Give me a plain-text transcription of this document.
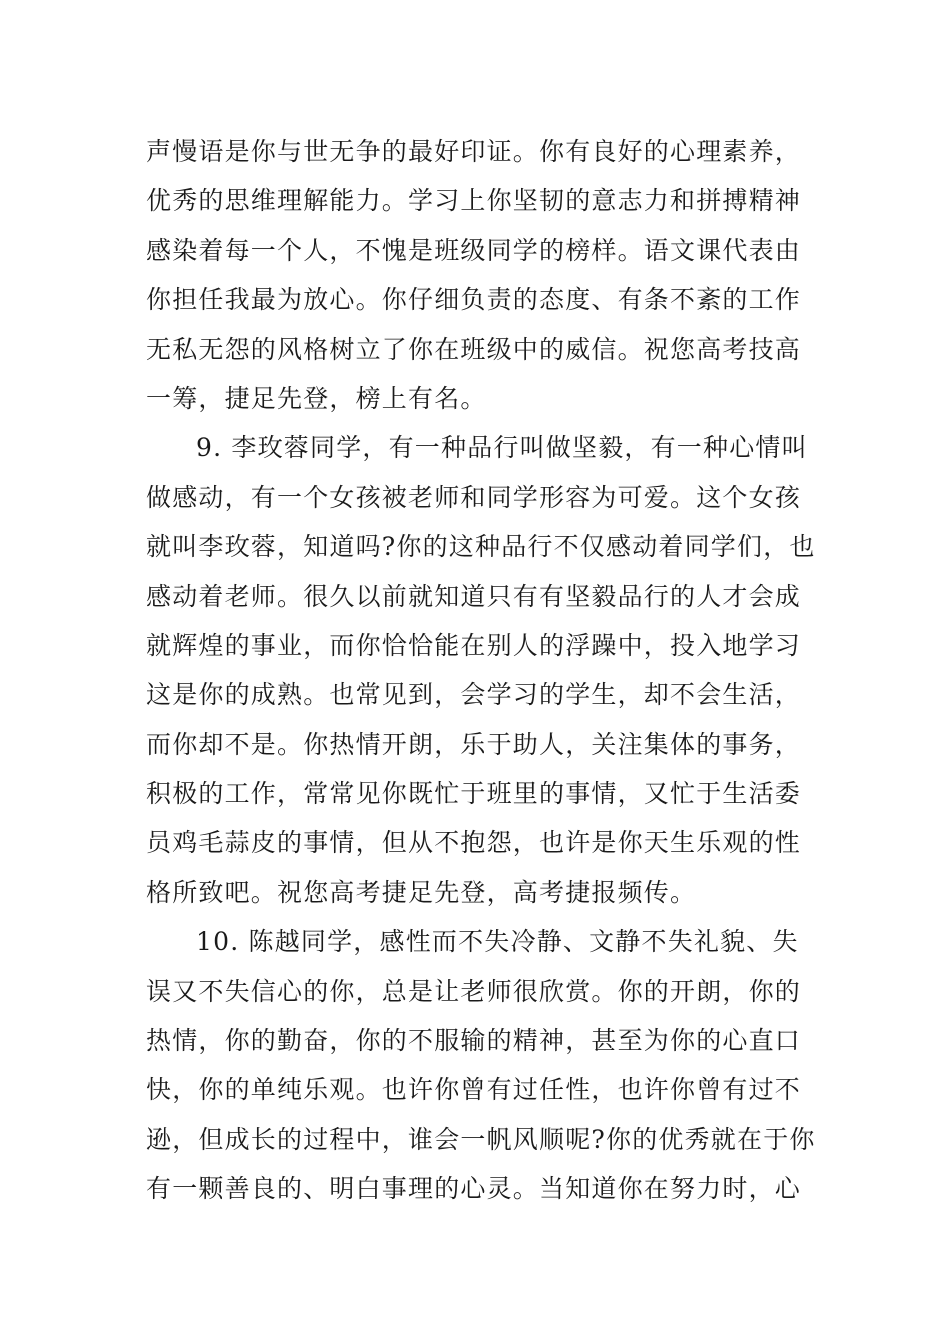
声慢语是你与世无争的最好印证。你有良好的心理素养，
优秀的思维理解能力。学习上你坚韧的意志力和拼搏精神
感染着每一个人，不愧是班级同学的榜样。语文课代表由
你担任我最为放心。你仔细负责的态度、有条不紊的工作
无私无怨的风格树立了你在班级中的威信。祝您高考技高
一筹，捷足先登，榜上有名。
9. 李玫蓉同学，有一种品行叫做坚毅，有一种心情叫
做感动，有一个女孩被老师和同学形容为可爱。这个女孩
就叫李玫蓉，知道吗?你的这种品行不仅感动着同学们，也
感动着老师。很久以前就知道只有有坚毅品行的人才会成
就辉煌的事业，而你恰恰能在别人的浮躁中，投入地学习
这是你的成熟。也常见到，会学习的学生，却不会生活，
而你却不是。你热情开朗，乐于助人，关注集体的事务，
积极的工作，常常见你既忙于班里的事情，又忙于生活委
员鸡毛蒜皮的事情，但从不抱怨，也许是你天生乐观的性
格所致吧。祝您高考捷足先登，高考捷报频传。
10. 陈越同学，感性而不失冷静、文静不失礼貌、失
误又不失信心的你，总是让老师很欣赏。你的开朗，你的
热情，你的勤奋，你的不服输的精神，甚至为你的心直口
快，你的单纯乐观。也许你曾有过任性，也许你曾有过不
逊，但成长的过程中，谁会一帆风顺呢?你的优秀就在于你
有一颗善良的、明白事理的心灵。当知道你在努力时，心
